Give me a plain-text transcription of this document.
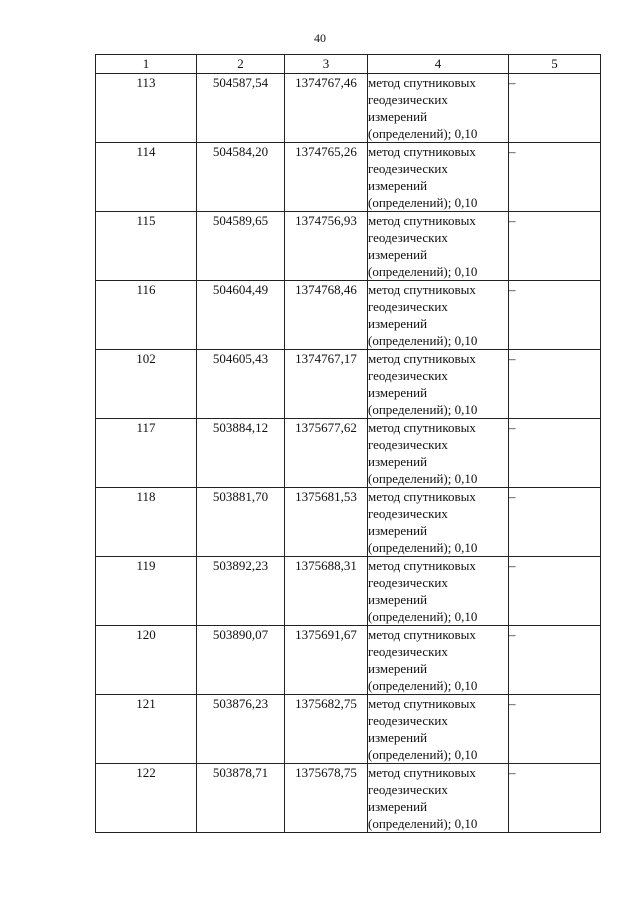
40
1	2	3	4	5
113	504587,54	1374767,46	метод спутниковых
геодезических
измерений
(определений); 0,10	–
114	504584,20	1374765,26	метод спутниковых
геодезических
измерений
(определений); 0,10	–
115	504589,65	1374756,93	метод спутниковых
геодезических
измерений
(определений); 0,10	–
116	504604,49	1374768,46	метод спутниковых
геодезических
измерений
(определений); 0,10	–
102	504605,43	1374767,17	метод спутниковых
геодезических
измерений
(определений); 0,10	–
117	503884,12	1375677,62	метод спутниковых
геодезических
измерений
(определений); 0,10	–
118	503881,70	1375681,53	метод спутниковых
геодезических
измерений
(определений); 0,10	–
119	503892,23	1375688,31	метод спутниковых
геодезических
измерений
(определений); 0,10	–
120	503890,07	1375691,67	метод спутниковых
геодезических
измерений
(определений); 0,10	–
121	503876,23	1375682,75	метод спутниковых
геодезических
измерений
(определений); 0,10	–
122	503878,71	1375678,75	метод спутниковых
геодезических
измерений
(определений); 0,10	–
